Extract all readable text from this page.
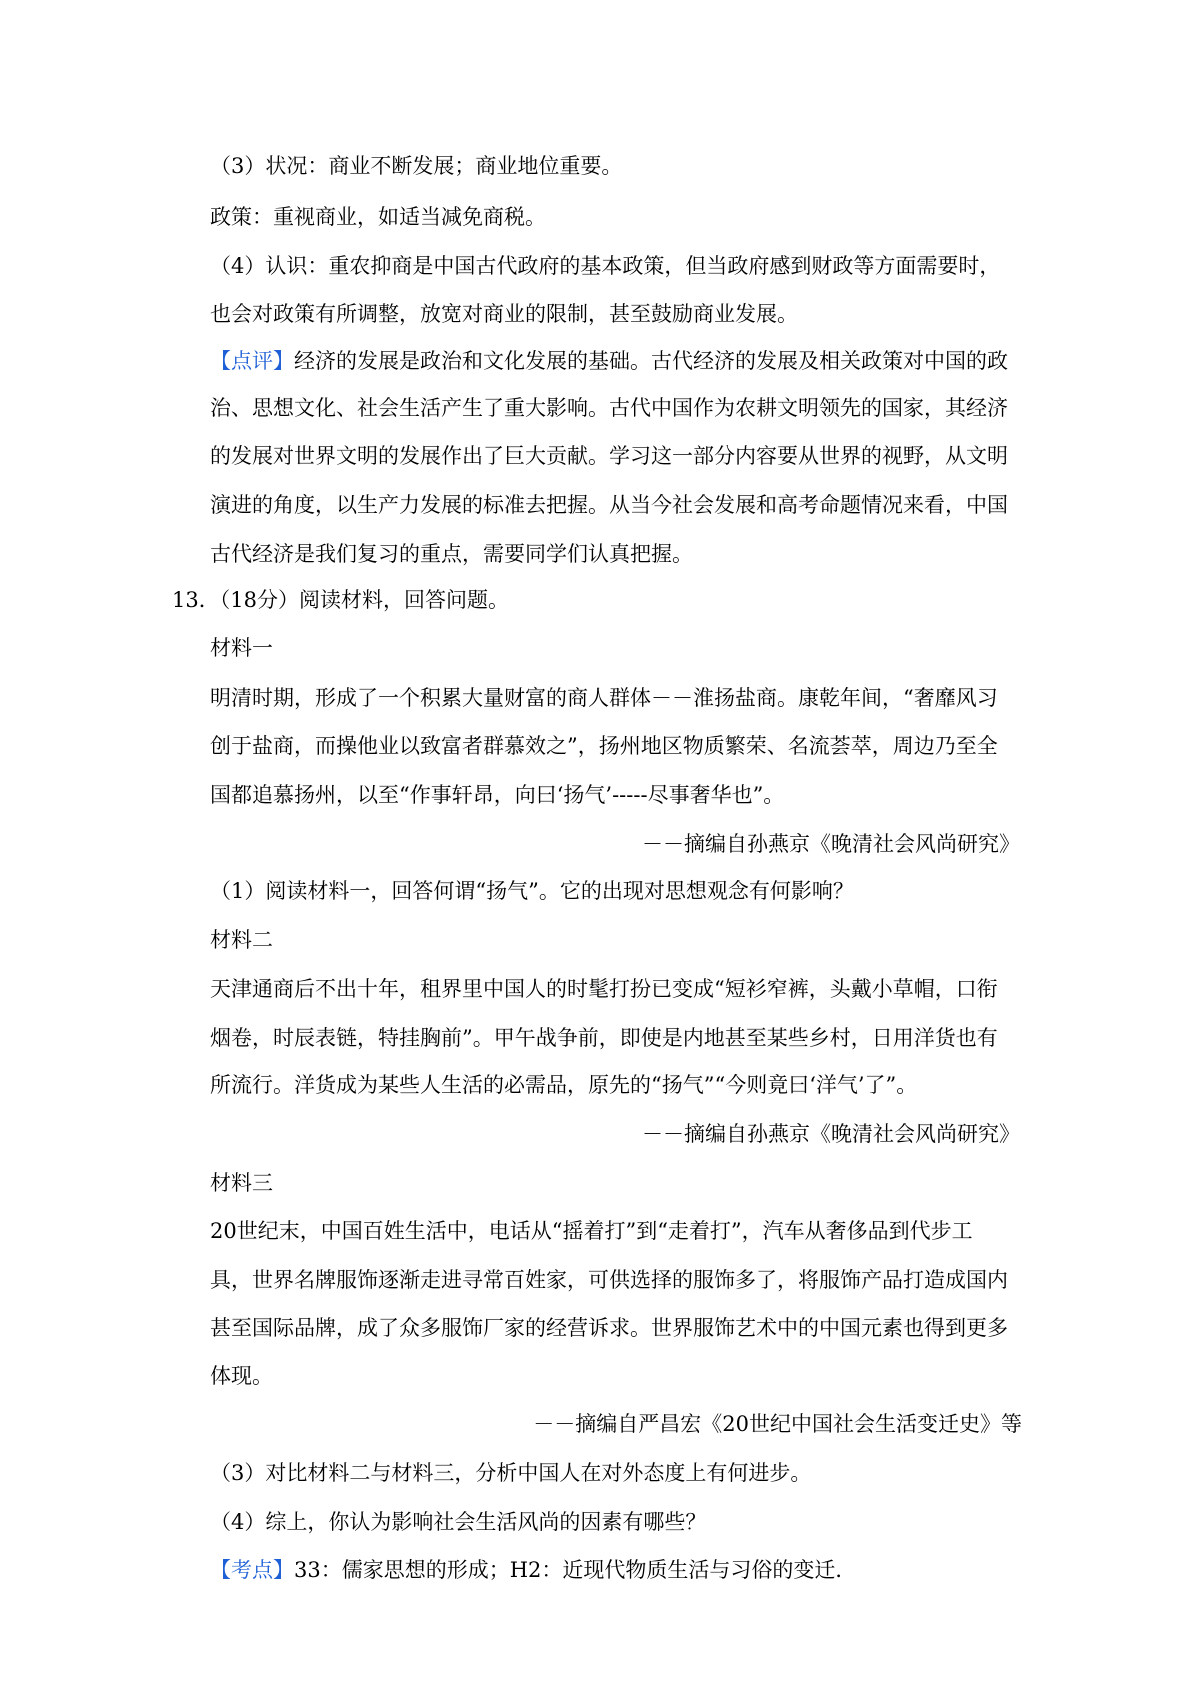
（3）状况：商业不断发展；商业地位重要。
政策：重视商业，如适当减免商税。
（4）认识：重农抑商是中国古代政府的基本政策，但当政府感到财政等方面需要时，
也会对政策有所调整，放宽对商业的限制，甚至鼓励商业发展。
【点评】经济的发展是政治和文化发展的基础。古代经济的发展及相关政策对中国的政
治、思想文化、社会生活产生了重大影响。古代中国作为农耕文明领先的国家，其经济
的发展对世界文明的发展作出了巨大贡献。学习这一部分内容要从世界的视野，从文明
演进的角度，以生产力发展的标准去把握。从当今社会发展和高考命题情况来看，中国
古代经济是我们复习的重点，需要同学们认真把握。
13．（18分）阅读材料，回答问题。
材料一
明清时期，形成了一个积累大量财富的商人群体－－淮扬盐商。康乾年间，“奢靡风习
创于盐商，而操他业以致富者群慕效之”，扬州地区物质繁荣、名流荟萃，周边乃至全
国都追慕扬州，以至“作事轩昂，向曰‘扬气’-----尽事奢华也”。
－－摘编自孙燕京《晚清社会风尚研究》
（1）阅读材料一，回答何谓“扬气”。它的出现对思想观念有何影响？
材料二
天津通商后不出十年，租界里中国人的时髦打扮已变成“短衫窄裤，头戴小草帽，口衔
烟卷，时辰表链，特挂胸前”。甲午战争前，即使是内地甚至某些乡村，日用洋货也有
所流行。洋货成为某些人生活的必需品，原先的“扬气”“今则竟曰‘洋气’了”。
－－摘编自孙燕京《晚清社会风尚研究》
材料三
20世纪末，中国百姓生活中，电话从“摇着打”到“走着打”，汽车从奢侈品到代步工
具，世界名牌服饰逐渐走进寻常百姓家，可供选择的服饰多了，将服饰产品打造成国内
甚至国际品牌，成了众多服饰厂家的经营诉求。世界服饰艺术中的中国元素也得到更多
体现。
－－摘编自严昌宏《20世纪中国社会生活变迁史》等
（3）对比材料二与材料三，分析中国人在对外态度上有何进步。
（4）综上，你认为影响社会生活风尚的因素有哪些？
【考点】33：儒家思想的形成；H2：近现代物质生活与习俗的变迁．
